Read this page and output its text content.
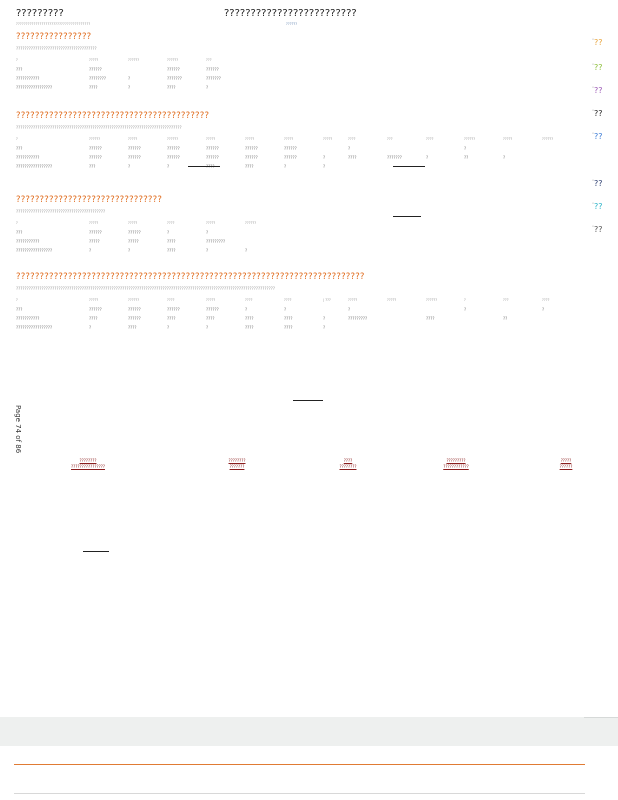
?????????
??????????????????????????????????????
?????????????????????????
??????
????????????????
??????????????????????????????????????
?	?????	??????	??????	???
???	??????	??????	??????
???????????	????????	?	???????	???????
?????????????????	????	?	????	?
?????????????????????????????????????????
??????????????????????????????????????????????????????????????????????????????
?	??????	?????	??????	?????	?????	?????	?????	????	???	????	??????	?????	??????
???	??????	??????	??????	??????	??????	??????	?	?
???????????	??????	??????	??????	??????	??????	??????	?	????	???????	?	??	?
?????????????????	???	?	?	????	????	?	?
???????????????????????????????
??????????????????????????????????????????
?	?????	?????	????	?????	??????
???	??????	??????	?	?
???????????	?????	?????	????	?????????
?????????????????	?	?	????	?	?
??????????????????????????????????????????????????????????????????????????
??????????????????????????????????????????????????????????????????????????????????????????????????????????????????????????
?	?????	??????	????	?????	????	????	| ???	?????	?????	??????	?	???	????
???	??????	??????	??????	??????	?	?	?	?	?
???????????	????	??????	????	????	????	????	?	?????????	????	??
?????????????????	?	????	?	?	????	????	?
°??
°??
°??
°??
°??
°??
°??
°??
Page 74 of 86
????????
????????????????
????????
???????
????
????????
?????????
????????????
?????
??????
